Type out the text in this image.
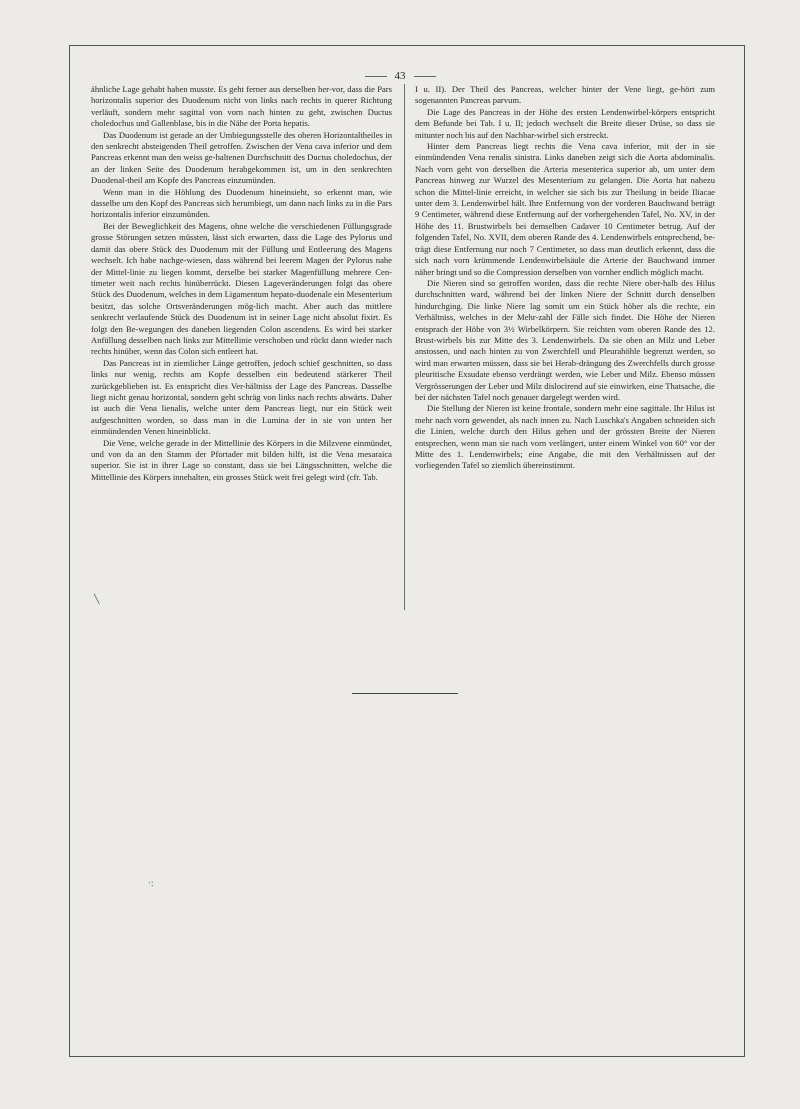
43

ähnliche Lage gehabt haben musste. Es geht ferner aus derselben her-vor, dass die Pars horizontalis superior des Duodenum nicht von links nach rechts in querer Richtung verläuft, sondern mehr sagittal von vorn nach hinten zu geht, zwischen Ductus choledochus und Gallenblase, bis in die Nähe der Porta hepatis.

Das Duodenum ist gerade an der Umbiegungsstelle des oberen Horizontaltheiles in den senkrecht absteigenden Theil getroffen. Zwischen der Vena cava inferior und dem Pancreas erkennt man den weiss ge-haltenen Durchschnitt des Ductus choledochus, der an der linken Seite des Duodenum herabgekommen ist, um in den senkrechten Duodenal-theil am Kopfe des Pancreas einzumünden.

Wenn man in die Höhlung des Duodenum hineinsieht, so erkennt man, wie dasselbe um den Kopf des Pancreas sich herumbiegt, um dann nach links zu in die Pars horizontalis inferior einzumünden.

Bei der Beweglichkeit des Magens, ohne welche die verschiedenen Füllungsgrade grosse Störungen setzen müssten, lässt sich erwarten, dass die Lage des Pylorus und damit das obere Stück des Duodenum mit der Füllung und Entleerung des Magens wechselt. Ich habe nachge-wiesen, dass während bei leerem Magen der Pylorus nahe der Mittel-linie zu liegen kommt, derselbe bei starker Magenfüllung mehrere Cen-timeter weit nach rechts hinüberrückt. Diesen Lageveränderungen folgt das obere Stück des Duodenum, welches in dem Ligamentum hepato-duodenale ein Mesenterium besitzt, das solche Ortsveränderungen mög-lich macht. Aber auch das mittlere senkrecht verlaufende Stück des Duodenum ist in seiner Lage nicht absolut fixirt. Es folgt den Be-wegungen des daneben liegenden Colon ascendens. Es wird bei starker Anfüllung desselben nach links zur Mittellinie verschoben und rückt dann wieder nach rechts hinüber, wenn das Colon sich entleert hat.

Das Pancreas ist in ziemlicher Länge getroffen, jedoch schief geschnitten, so dass links nur wenig, rechts am Kopfe desselben ein bedeutend stärkerer Theil zurückgeblieben ist. Es entspricht dies Ver-hältniss der Lage des Pancreas. Dasselbe liegt nicht genau horizontal, sondern geht schräg von links nach rechts abwärts. Daher ist auch die Vena lienalis, welche unter dem Pancreas liegt, nur ein Stück weit aufgeschnitten worden, so dass man in die Lumina der in sie von unten her einmündenden Venen hineinblickt.

Die Vene, welche gerade in der Mittellinie des Körpers in die Milzvene einmündet, und von da an den Stamm der Pfortader mit bilden hilft, ist die Vena mesaraica superior. Sie ist in ihrer Lage so constant, dass sie bei Längsschnitten, welche die Mittellinie des Körpers innehalten, ein grosses Stück weit frei gelegt wird (cfr. Tab.

I u. II). Der Theil des Pancreas, welcher hinter der Vene liegt, ge-hört zum sogenannten Pancreas parvum.

Die Lage des Pancreas in der Höhe des ersten Lendenwirbel-körpers entspricht dem Befunde bei Tab. I u. II; jedoch wechselt die Breite dieser Drüse, so dass sie mitunter noch bis auf den Nachbar-wirbel sich erstreckt.

Hinter dem Pancreas liegt rechts die Vena cava inferior, mit der in sie einmündenden Vena renalis sinistra. Links daneben zeigt sich die Aorta abdominalis. Nach vorn geht von derselben die Arteria mesenterica superior ab, um unter dem Pancreas hinweg zur Wurzel des Mesenterium zu gelangen. Die Aorta hat nahezu schon die Mittel-linie erreicht, in welcher sie sich bis zur Theilung in beide Iliacae unter dem 3. Lendenwirbel hält. Ihre Entfernung von der vorderen Bauchwand beträgt 9 Centimeter, während diese Entfernung auf der vorhergehenden Tafel, No. XV, in der Höhe des 11. Brustwirbels bei demselben Cadaver 10 Centimeter betrug. Auf der folgenden Tafel, No. XVII, dem oberen Rande des 4. Lendenwirbels entsprechend, be-trägt diese Entfernung nur noch 7 Centimeter, so dass man deutlich erkennt, dass die sich nach vorn krümmende Lendenwirbelsäule die Arterie der Bauchwand immer näher bringt und so die Compression derselben von vornher endlich möglich macht.

Die Nieren sind so getroffen worden, dass die rechte Niere ober-halb des Hilus durchschnitten ward, während bei der linken Niere der Schnitt durch denselben hindurchging. Die linke Niere lag somit um ein Stück höher als die rechte, ein Verhältniss, welches in der Mehr-zahl der Fälle sich findet. Die Höhe der Nieren entsprach der Höhe von 3½ Wirbelkörpern. Sie reichten vom oberen Rande des 12. Brust-wirbels bis zur Mitte des 3. Lendenwirbels. Da sie oben an Milz und Leber anstossen, und nach hinten zu von Zwerchfell und Pleurahöhle begrenzt werden, so wird man erwarten müssen, dass sie bei Herab-drängung des Zwerchfells durch grosse pleuritische Exsudate ebenso verdrängt werden, wie Leber und Milz. Ebenso müssen Vergrösserungen der Leber und Milz dislocirend auf sie einwirken, eine Thatsache, die bei der nächsten Tafel noch genauer dargelegt werden wird.

Die Stellung der Nieren ist keine frontale, sondern mehr eine sagittale. Ihr Hilus ist mehr nach vorn gewendet, als nach innen zu. Nach Luschka's Angaben schneiden sich die Linien, welche durch den Hilus gehen und der grössten Breite der Nieren entsprechen, wenn man sie nach vorn verlängert, unter einem Winkel von 60° vor der Mitte des 1. Lendenwirbels; eine Angabe, die mit den Verhältnissen auf der vorliegenden Tafel so ziemlich übereinstimmt.

╲
·:
